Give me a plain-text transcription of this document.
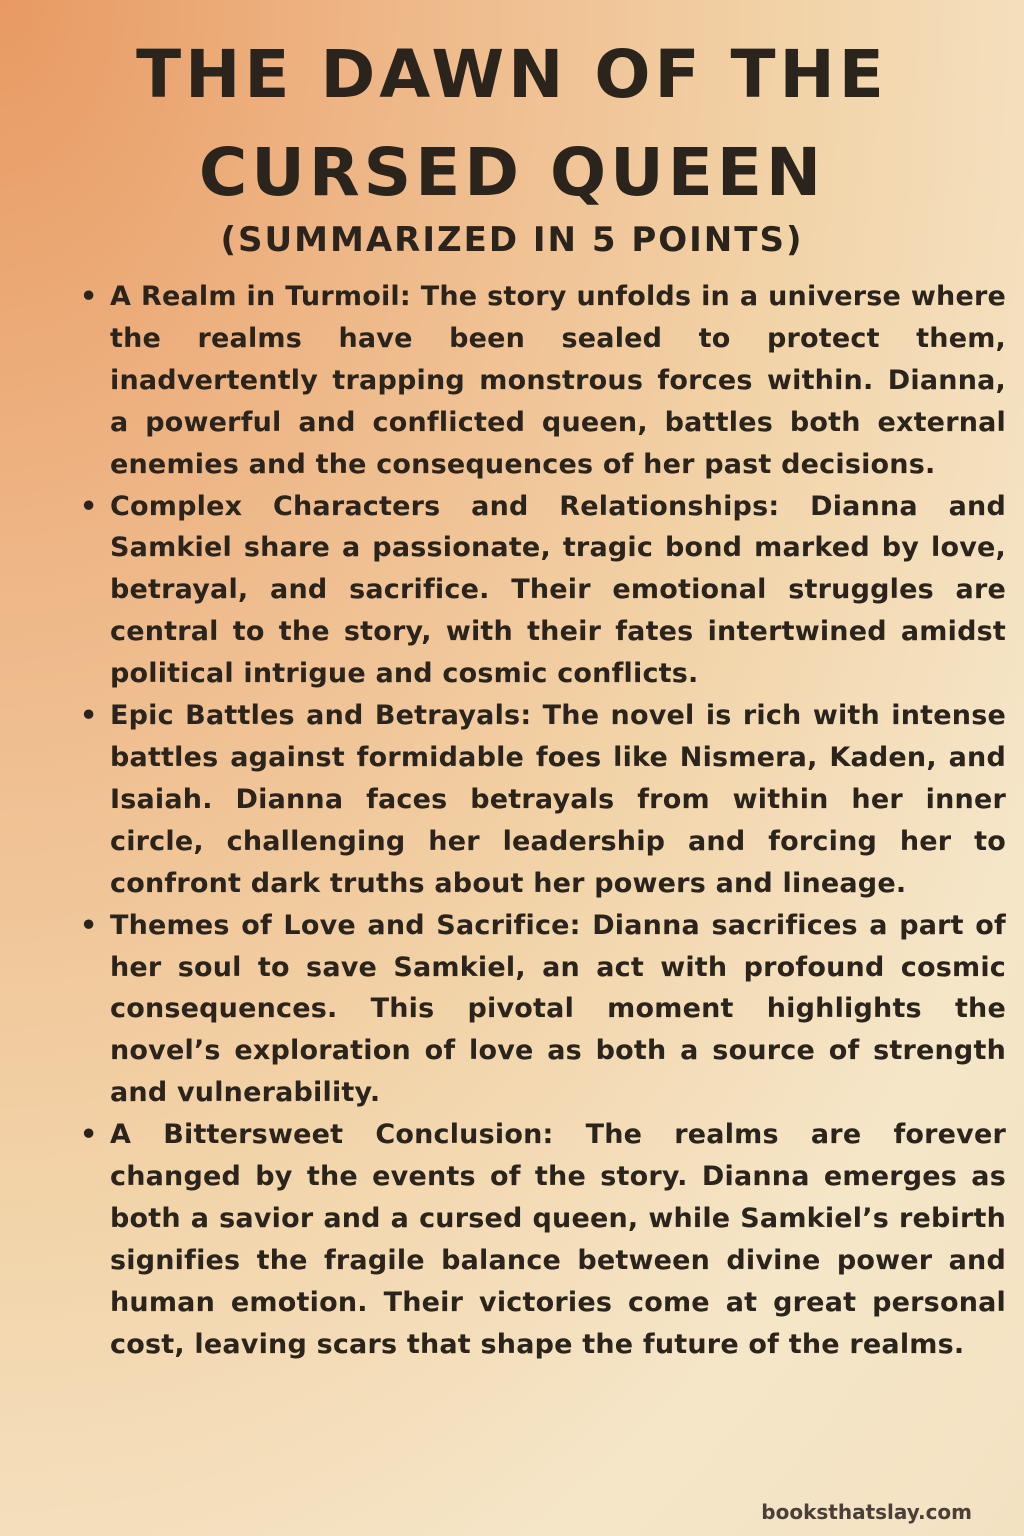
THE DAWN OF THE
CURSED QUEEN
(SUMMARIZED IN 5 POINTS)
• A Realm in Turmoil: The story unfolds in a universe where the realms have been sealed to protect them, inadvertently trapping monstrous forces within. Dianna, a powerful and conflicted queen, battles both external enemies and the consequences of her past decisions.
• Complex Characters and Relationships: Dianna and Samkiel share a passionate, tragic bond marked by love, betrayal, and sacrifice. Their emotional struggles are central to the story, with their fates intertwined amidst political intrigue and cosmic conflicts.
• Epic Battles and Betrayals: The novel is rich with intense battles against formidable foes like Nismera, Kaden, and Isaiah. Dianna faces betrayals from within her inner circle, challenging her leadership and forcing her to confront dark truths about her powers and lineage.
• Themes of Love and Sacrifice: Dianna sacrifices a part of her soul to save Samkiel, an act with profound cosmic consequences. This pivotal moment highlights the novel’s exploration of love as both a source of strength and vulnerability.
• A Bittersweet Conclusion: The realms are forever changed by the events of the story. Dianna emerges as both a savior and a cursed queen, while Samkiel’s rebirth signifies the fragile balance between divine power and human emotion. Their victories come at great personal cost, leaving scars that shape the future of the realms.
booksthatslay.com
